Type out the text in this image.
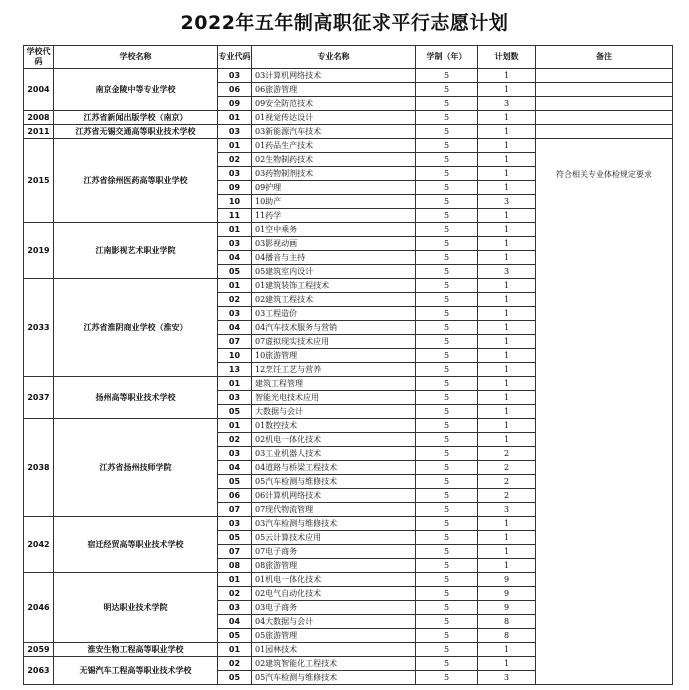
2022年五年制高职征求平行志愿计划
学校代码	学校名称	专业代码	专业名称	学制（年）	计划数	备注
2004	南京金陵中等专业学校	03	03计算机网络技术	5	1	
		06	06旅游管理	5	1	
		09	09安全防范技术	5	3	
2008	江苏省新闻出版学校（南京）	01	01视觉传达设计	5	1	
2011	江苏省无锡交通高等职业技术学校	03	03新能源汽车技术	5	1	
2015	江苏省徐州医药高等职业学校	01	01药品生产技术	5	1	符合相关专业体检规定要求
		02	02生物制药技术	5	1	
		03	03药物制剂技术	5	1	
		09	09护理	5	1	
		10	10助产	5	3	
		11	11药学	5	1	
2019	江南影视艺术职业学院	01	01空中乘务	5	1	
		03	03影视动画	5	1	
		04	04播音与主持	5	1	
		05	05建筑室内设计	5	3	
2033	江苏省淮阴商业学校（淮安）	01	01建筑装饰工程技术	5	1	
		02	02建筑工程技术	5	1	
		03	03工程造价	5	1	
		04	04汽车技术服务与营销	5	1	
		07	07虚拟现实技术应用	5	1	
		10	10旅游管理	5	1	
		13	12烹饪工艺与营养	5	1	
2037	扬州高等职业技术学校	01	建筑工程管理	5	1	
		03	智能光电技术应用	5	1	
		05	大数据与会计	5	1	
2038	江苏省扬州技师学院	01	01数控技术	5	1	
		02	02机电一体化技术	5	1	
		03	03工业机器人技术	5	2	
		04	04道路与桥梁工程技术	5	2	
		05	05汽车检测与维修技术	5	2	
		06	06计算机网络技术	5	2	
		07	07现代物流管理	5	3	
2042	宿迁经贸高等职业技术学校	03	03汽车检测与维修技术	5	1	
		05	05云计算技术应用	5	1	
		07	07电子商务	5	1	
		08	08旅游管理	5	1	
2046	明达职业技术学院	01	01机电一体化技术	5	9	
		02	02电气自动化技术	5	9	
		03	03电子商务	5	9	
		04	04大数据与会计	5	8	
		05	05旅游管理	5	8	
2059	淮安生物工程高等职业学校	01	01园林技术	5	1	
2063	无锡汽车工程高等职业技术学校	02	02建筑智能化工程技术	5	1	
		05	05汽车检测与维修技术	5	3	
